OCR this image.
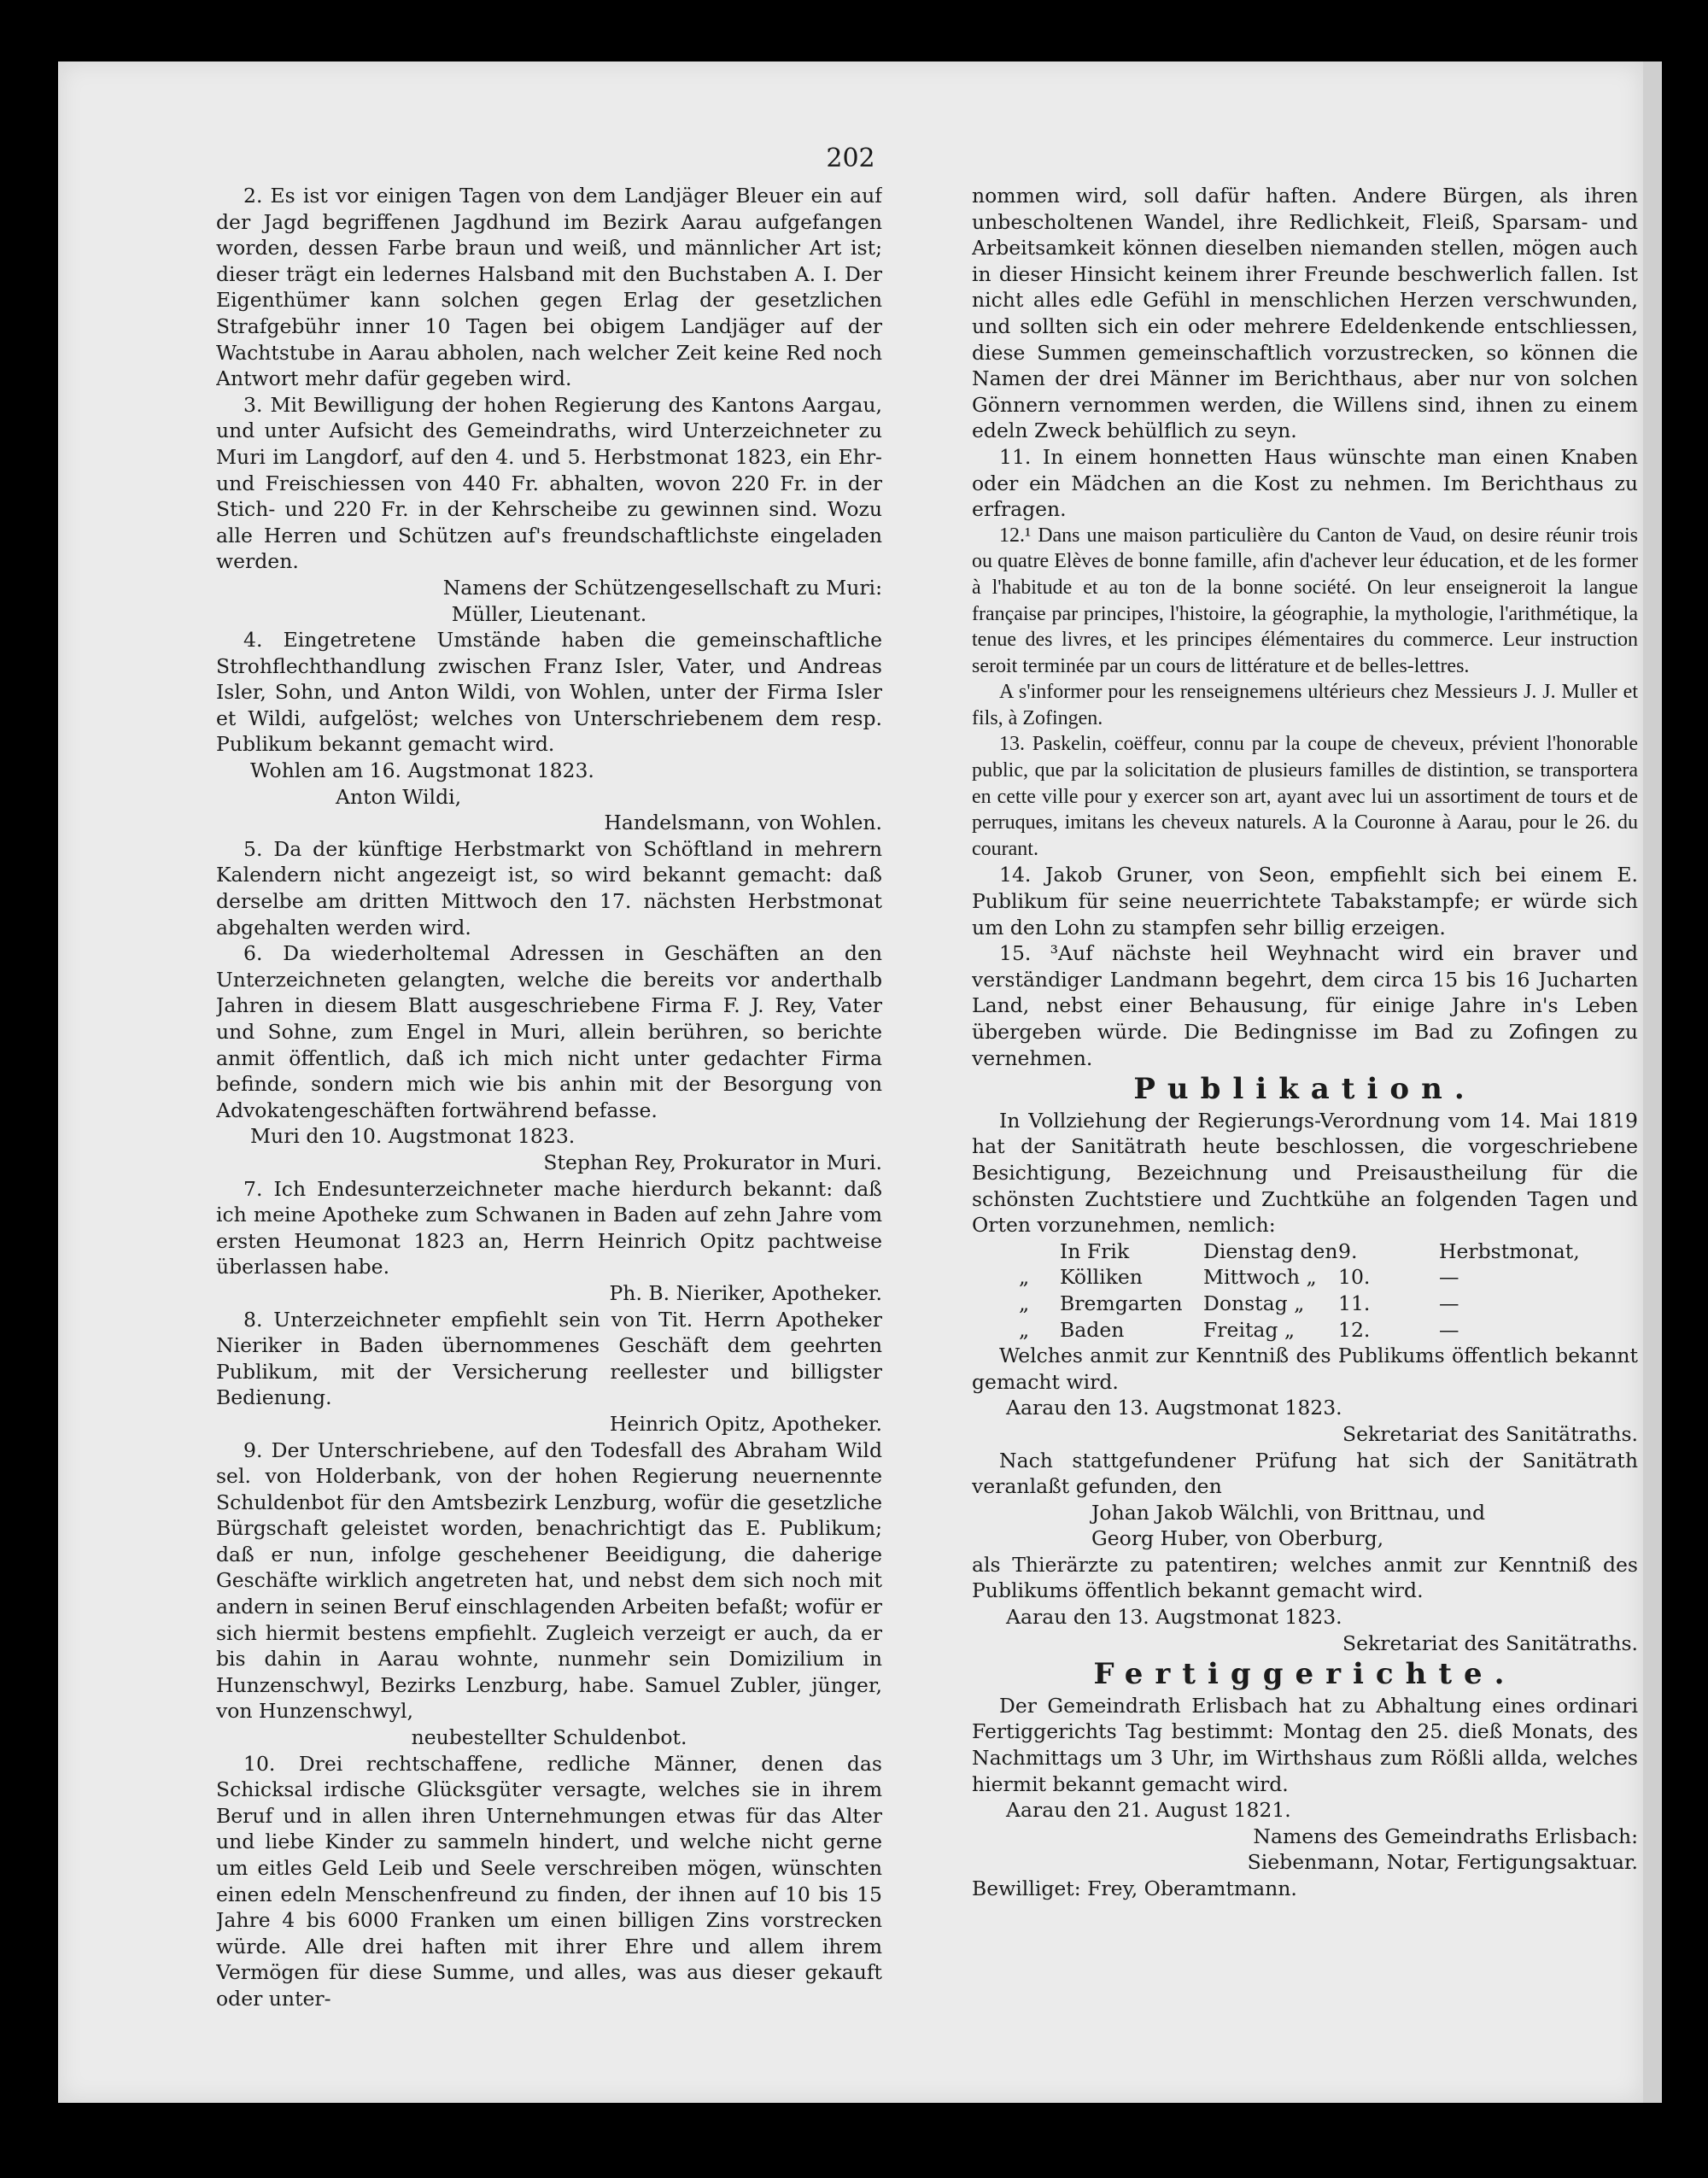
202

2. Es ist vor einigen Tagen von dem Landjäger Bleuer ein auf der Jagd begriffenen Jagdhund im Bezirk Aarau aufgefangen worden, dessen Farbe braun und weiß, und männlicher Art ist; dieser trägt ein ledernes Halsband mit den Buchstaben A. I. Der Eigenthümer kann solchen gegen Erlag der gesetzlichen Strafgebühr inner 10 Tagen bei obigem Landjäger auf der Wachtstube in Aarau abholen, nach welcher Zeit keine Red noch Antwort mehr dafür gegeben wird.

3. Mit Bewilligung der hohen Regierung des Kantons Aargau, und unter Aufsicht des Gemeindraths, wird Unterzeichneter zu Muri im Langdorf, auf den 4. und 5. Herbstmonat 1823, ein Ehr- und Freischiessen von 440 Fr. abhalten, wovon 220 Fr. in der Stich- und 220 Fr. in der Kehrscheibe zu gewinnen sind. Wozu alle Herren und Schützen auf's freundschaftlichste eingeladen werden.

Namens der Schützengesellschaft zu Muri:

Müller, Lieutenant.

4. Eingetretene Umstände haben die gemeinschaftliche Strohflechthandlung zwischen Franz Isler, Vater, und Andreas Isler, Sohn, und Anton Wildi, von Wohlen, unter der Firma Isler et Wildi, aufgelöst; welches von Unterschriebenem dem resp. Publikum bekannt gemacht wird.

Wohlen am 16. Augstmonat 1823.

Anton Wildi,

Handelsmann, von Wohlen.

5. Da der künftige Herbstmarkt von Schöftland in mehrern Kalendern nicht angezeigt ist, so wird bekannt gemacht: daß derselbe am dritten Mittwoch den 17. nächsten Herbstmonat abgehalten werden wird.

6. Da wiederholtemal Adressen in Geschäften an den Unterzeichneten gelangten, welche die bereits vor anderthalb Jahren in diesem Blatt ausgeschriebene Firma F. J. Rey, Vater und Sohne, zum Engel in Muri, allein berühren, so berichte anmit öffentlich, daß ich mich nicht unter gedachter Firma befinde, sondern mich wie bis anhin mit der Besorgung von Advokatengeschäften fortwährend befasse.

Muri den 10. Augstmonat 1823.

Stephan Rey, Prokurator in Muri.

7. Ich Endesunterzeichneter mache hierdurch bekannt: daß ich meine Apotheke zum Schwanen in Baden auf zehn Jahre vom ersten Heumonat 1823 an, Herrn Heinrich Opitz pachtweise überlassen habe.

Ph. B. Nieriker, Apotheker.

8. Unterzeichneter empfiehlt sein von Tit. Herrn Apotheker Nieriker in Baden übernommenes Geschäft dem geehrten Publikum, mit der Versicherung reellester und billigster Bedienung.

Heinrich Opitz, Apotheker.

9. Der Unterschriebene, auf den Todesfall des Abraham Wild sel. von Holderbank, von der hohen Regierung neuernennte Schuldenbot für den Amtsbezirk Lenzburg, wofür die gesetzliche Bürgschaft geleistet worden, benachrichtigt das E. Publikum; daß er nun, infolge geschehener Beeidigung, die daherige Geschäfte wirklich angetreten hat, und nebst dem sich noch mit andern in seinen Beruf einschlagenden Arbeiten befaßt; wofür er sich hiermit bestens empfiehlt. Zugleich verzeigt er auch, da er bis dahin in Aarau wohnte, nunmehr sein Domizilium in Hunzenschwyl, Bezirks Lenzburg, habe. Samuel Zubler, jünger, von Hunzenschwyl,

neubestellter Schuldenbot.

10. Drei rechtschaffene, redliche Männer, denen das Schicksal irdische Glücksgüter versagte, welches sie in ihrem Beruf und in allen ihren Unternehmungen etwas für das Alter und liebe Kinder zu sammeln hindert, und welche nicht gerne um eitles Geld Leib und Seele verschreiben mögen, wünschten einen edeln Menschenfreund zu finden, der ihnen auf 10 bis 15 Jahre 4 bis 6000 Franken um einen billigen Zins vorstrecken würde. Alle drei haften mit ihrer Ehre und allem ihrem Vermögen für diese Summe, und alles, was aus dieser gekauft oder unter-

nommen wird, soll dafür haften. Andere Bürgen, als ihren unbescholtenen Wandel, ihre Redlichkeit, Fleiß, Sparsam- und Arbeitsamkeit können dieselben niemanden stellen, mögen auch in dieser Hinsicht keinem ihrer Freunde beschwerlich fallen. Ist nicht alles edle Gefühl in menschlichen Herzen verschwunden, und sollten sich ein oder mehrere Edeldenkende entschliessen, diese Summen gemeinschaftlich vorzustrecken, so können die Namen der drei Männer im Berichthaus, aber nur von solchen Gönnern vernommen werden, die Willens sind, ihnen zu einem edeln Zweck behülflich zu seyn.

11. In einem honnetten Haus wünschte man einen Knaben oder ein Mädchen an die Kost zu nehmen. Im Berichthaus zu erfragen.

12.¹ Dans une maison particulière du Canton de Vaud, on desire réunir trois ou quatre Elèves de bonne famille, afin d'achever leur éducation, et de les former à l'habitude et au ton de la bonne société. On leur enseigneroit la langue française par principes, l'histoire, la géographie, la mythologie, l'arithmétique, la tenue des livres, et les principes élémentaires du commerce. Leur instruction seroit terminée par un cours de littérature et de belles-lettres.

A s'informer pour les renseignemens ultérieurs chez Messieurs J. J. Muller et fils, à Zofingen.

13. Paskelin, coëffeur, connu par la coupe de cheveux, prévient l'honorable public, que par la solicitation de plusieurs familles de distintion, se transportera en cette ville pour y exercer son art, ayant avec lui un assortiment de tours et de perruques, imitans les cheveux naturels. A la Couronne à Aarau, pour le 26. du courant.

14. Jakob Gruner, von Seon, empfiehlt sich bei einem E. Publikum für seine neuerrichtete Tabakstampfe; er würde sich um den Lohn zu stampfen sehr billig erzeigen.

15. ³Auf nächste heil Weyhnacht wird ein braver und verständiger Landmann begehrt, dem circa 15 bis 16 Jucharten Land, nebst einer Behausung, für einige Jahre in's Leben übergeben würde. Die Bedingnisse im Bad zu Zofingen zu vernehmen.

Publikation.

In Vollziehung der Regierungs-Verordnung vom 14. Mai 1819 hat der Sanitätrath heute beschlossen, die vorgeschriebene Besichtigung, Bezeichnung und Preisaustheilung für die schönsten Zuchtstiere und Zuchtkühe an folgenden Tagen und Orten vorzunehmen, nemlich:

In Frik	Dienstag den 9.	Herbstmonat,
„	Kölliken	Mittwoch „	10.	—
„	Bremgarten	Donstag „	11.	—
„	Baden	Freitag „	12.	—

Welches anmit zur Kenntniß des Publikums öffentlich bekannt gemacht wird.

Aarau den 13. Augstmonat 1823.

Sekretariat des Sanitätraths.

Nach stattgefundener Prüfung hat sich der Sanitätrath veranlaßt gefunden, den

Johan Jakob Wälchli, von Brittnau, und

Georg Huber, von Oberburg,

als Thierärzte zu patentiren; welches anmit zur Kenntniß des Publikums öffentlich bekannt gemacht wird.

Aarau den 13. Augstmonat 1823.

Sekretariat des Sanitätraths.

Fertiggerichte.

Der Gemeindrath Erlisbach hat zu Abhaltung eines ordinari Fertiggerichts Tag bestimmt: Montag den 25. dieß Monats, des Nachmittags um 3 Uhr, im Wirthshaus zum Rößli allda, welches hiermit bekannt gemacht wird.

Aarau den 21. August 1821.

Namens des Gemeindraths Erlisbach:

Siebenmann, Notar, Fertigungsaktuar.

Bewilliget: Frey, Oberamtmann.
